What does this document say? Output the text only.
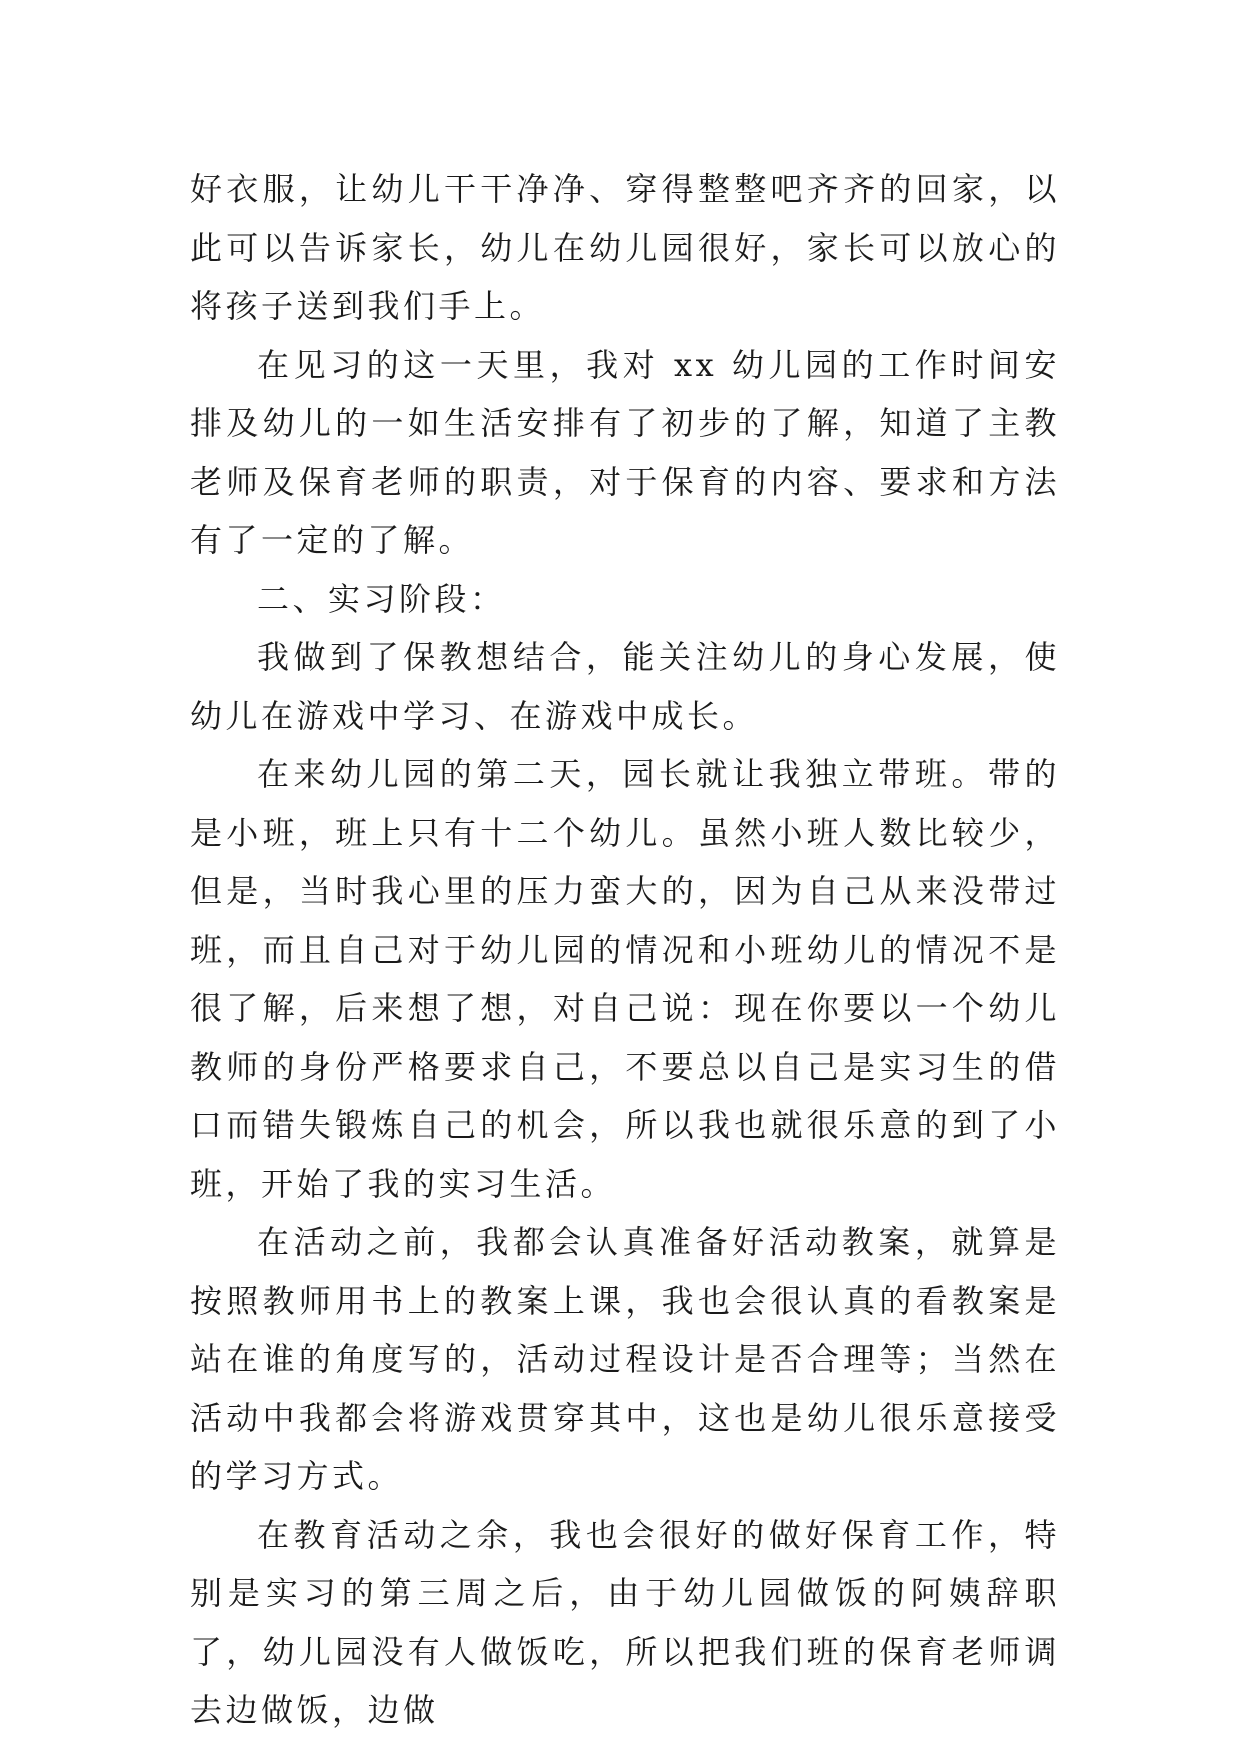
好衣服，让幼儿干干净净、穿得整整吧齐齐的回家，以此可以告诉家长，幼儿在幼儿园很好，家长可以放心的将孩子送到我们手上。

在见习的这一天里，我对 xx 幼儿园的工作时间安排及幼儿的一如生活安排有了初步的了解，知道了主教老师及保育老师的职责，对于保育的内容、要求和方法有了一定的了解。

二、实习阶段：

我做到了保教想结合，能关注幼儿的身心发展，使幼儿在游戏中学习、在游戏中成长。

在来幼儿园的第二天，园长就让我独立带班。带的是小班，班上只有十二个幼儿。虽然小班人数比较少，但是，当时我心里的压力蛮大的，因为自己从来没带过班，而且自己对于幼儿园的情况和小班幼儿的情况不是很了解，后来想了想，对自己说：现在你要以一个幼儿教师的身份严格要求自己，不要总以自己是实习生的借口而错失锻炼自己的机会，所以我也就很乐意的到了小班，开始了我的实习生活。

在活动之前，我都会认真准备好活动教案，就算是按照教师用书上的教案上课，我也会很认真的看教案是站在谁的角度写的，活动过程设计是否合理等；当然在活动中我都会将游戏贯穿其中，这也是幼儿很乐意接受的学习方式。

在教育活动之余，我也会很好的做好保育工作，特别是实习的第三周之后，由于幼儿园做饭的阿姨辞职了，幼儿园没有人做饭吃，所以把我们班的保育老师调去边做饭，边做
